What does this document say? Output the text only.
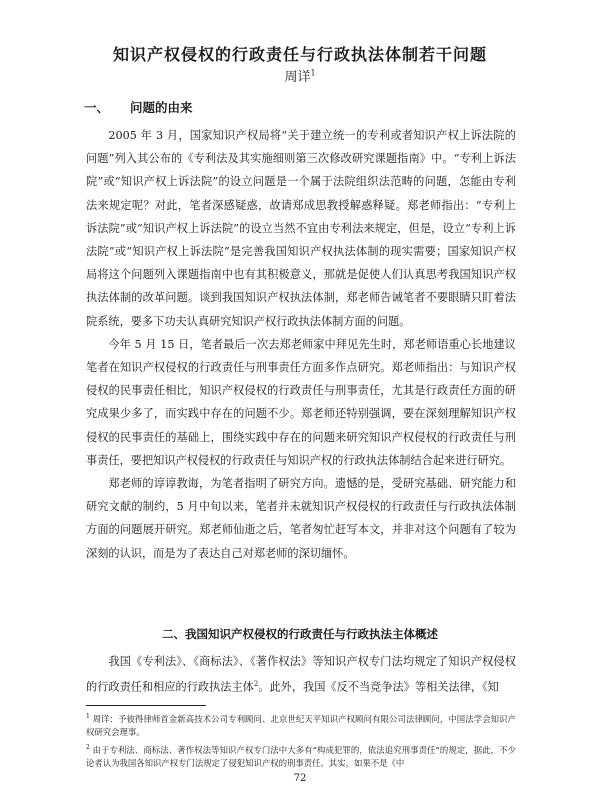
知识产权侵权的行政责任与行政执法体制若干问题
周详$^1$
一、 问题的由来

2005 年 3 月，国家知识产权局将“关于建立统一的专利或者知识产权上诉法院的问题”列入其公布的《专利法及其实施细则第三次修改研究课题指南》中。“专利上诉法院”或“知识产权上诉法院”的设立问题是一个属于法院组织法范畴的问题，怎能由专利法来规定呢？对此，笔者深感疑惑，故请郑成思教授解惑释疑。郑老师指出：“专利上诉法院”或“知识产权上诉法院”的设立当然不宜由专利法来规定，但是，设立“专利上诉法院”或“知识产权上诉法院”是完善我国知识产权执法体制的现实需要；国家知识产权局将这个问题列入课题指南中也有其积极意义，那就是促使人们认真思考我国知识产权执法体制的改革问题。谈到我国知识产权执法体制，郑老师告诫笔者不要眼睛只盯着法院系统，要多下功夫认真研究知识产权行政执法体制方面的问题。

今年 5 月 15 日，笔者最后一次去郑老师家中拜见先生时，郑老师语重心长地建议笔者在知识产权侵权的行政责任与刑事责任方面多作点研究。郑老师指出：与知识产权侵权的民事责任相比，知识产权侵权的行政责任与刑事责任，尤其是行政责任方面的研究成果少多了，而实践中存在的问题不少。郑老师还特别强调，要在深刻理解知识产权侵权的民事责任的基础上，围绕实践中存在的问题来研究知识产权侵权的行政责任与刑事责任，要把知识产权侵权的行政责任与知识产权的行政执法体制结合起来进行研究。

郑老师的谆谆教诲，为笔者指明了研究方向。遗憾的是，受研究基础、研究能力和研究文献的制约，5 月中旬以来，笔者并未就知识产权侵权的行政责任与行政执法体制方面的问题展开研究。郑老师仙逝之后，笔者匆忙赶写本文，并非对这个问题有了较为深刻的认识，而是为了表达自己对郑老师的深切缅怀。

二、我国知识产权侵权的行政责任与行政执法主体概述

我国《专利法》、《商标法》、《著作权法》等知识产权专门法均规定了知识产权侵权的行政责任和相应的行政执法主体$^2$。此外，我国《反不当竞争法》等相关法律，《知

$^1$ 周详：予彼得律师首金新高技术公司专利顾问、北京世纪天平知识产权顾问有限公司法律顾问，中国法学会知识产权研究会理事。

$^2$ 由于专利法、商标法、著作权法等知识产权专门法中大多有“构成犯罪的，依法追究刑事责任”的规定，据此，不少论者认为我国各知识产权专门法规定了侵犯知识产权的刑事责任。其实，如果不是《中

72
